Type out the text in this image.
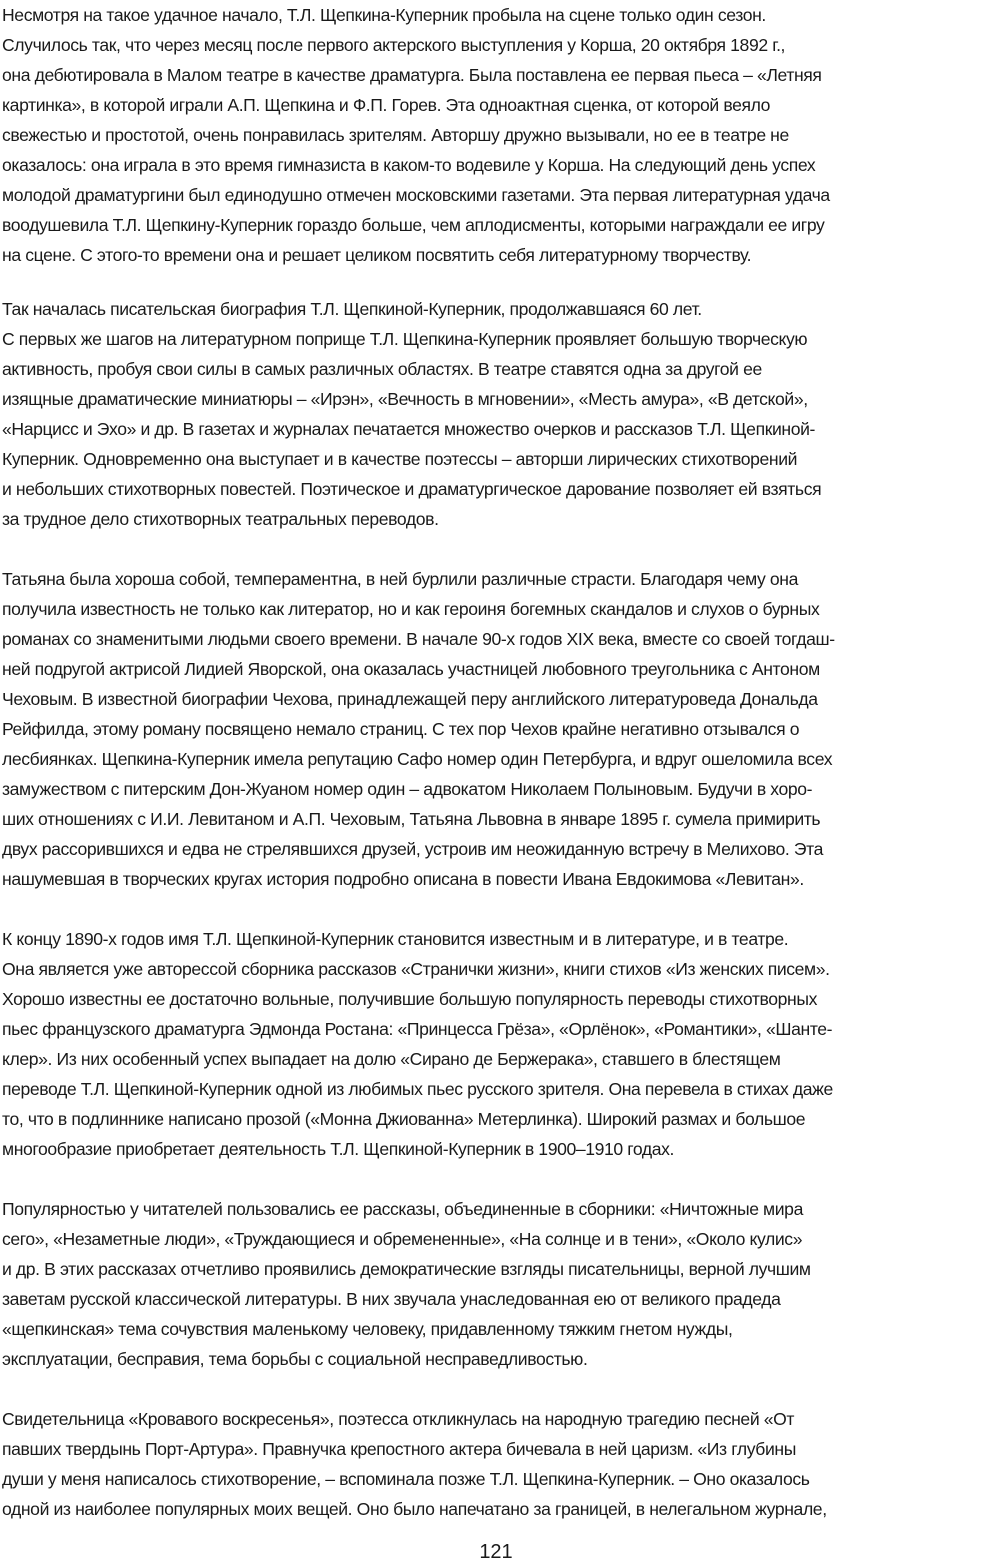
Несмотря на такое удачное начало, Т.Л. Щепкина-Куперник пробыла на сцене только один сезон.
Случилось так, что через месяц после первого актерского выступления у Корша, 20 октября 1892 г.,
она дебютировала в Малом театре в качестве драматурга. Была поставлена ее первая пьеса – «Летняя
картинка», в которой играли А.П. Щепкина и Ф.П. Горев. Эта одноактная сценка, от которой веяло
свежестью и простотой, очень понравилась зрителям. Авторшу дружно вызывали, но ее в театре не
оказалось: она играла в это время гимназиста в каком-то водевиле у Корша. На следующий день успех
молодой драматургини был единодушно отмечен московскими газетами. Эта первая литературная удача
воодушевила Т.Л. Щепкину-Куперник гораздо больше, чем аплодисменты, которыми награждали ее игру
на сцене. С этого-то времени она и решает целиком посвятить себя литературному творчеству.
Так началась писательская биография Т.Л. Щепкиной-Куперник, продолжавшаяся 60 лет.
С первых же шагов на литературном поприще Т.Л. Щепкина-Куперник проявляет большую творческую
активность, пробуя свои силы в самых различных областях. В театре ставятся одна за другой ее
изящные драматические миниатюры – «Ирэн», «Вечность в мгновении», «Месть амура», «В детской»,
«Нарцисс и Эхо» и др. В газетах и журналах печатается множество очерков и рассказов Т.Л. Щепкиной-
Куперник. Одновременно она выступает и в качестве поэтессы – авторши лирических стихотворений
и небольших стихотворных повестей. Поэтическое и драматургическое дарование позволяет ей взяться
за трудное дело стихотворных театральных переводов.
Татьяна была хороша собой, темпераментна, в ней бурлили различные страсти. Благодаря чему она
получила известность не только как литератор, но и как героиня богемных скандалов и слухов о бурных
романах со знаменитыми людьми своего времени. В начале 90-х годов XIX века, вместе со своей тогдаш-
ней подругой актрисой Лидией Яворской, она оказалась участницей любовного треугольника с Антоном
Чеховым. В известной биографии Чехова, принадлежащей перу английского литературоведа Дональда
Рейфилда, этому роману посвящено немало страниц. С тех пор Чехов крайне негативно отзывался о
лесбиянках. Щепкина-Куперник имела репутацию Сафо номер один Петербурга, и вдруг ошеломила всех
замужеством с питерским Дон-Жуаном номер один – адвокатом Николаем Полыновым. Будучи в хоро-
ших отношениях с И.И. Левитаном и А.П. Чеховым, Татьяна Львовна в январе 1895 г. сумела примирить
двух рассорившихся и едва не стрелявшихся друзей, устроив им неожиданную встречу в Мелихово. Эта
нашумевшая в творческих кругах история подробно описана в повести Ивана Евдокимова «Левитан».
К концу 1890-х годов имя Т.Л. Щепкиной-Куперник становится известным и в литературе, и в театре.
Она является уже авторессой сборника рассказов «Странички жизни», книги стихов «Из женских писем».
Хорошо известны ее достаточно вольные, получившие большую популярность переводы стихотворных
пьес французского драматурга Эдмонда Ростана: «Принцесса Грёза», «Орлёнок», «Романтики», «Шанте-
клер». Из них особенный успех выпадает на долю «Сирано де Бержерака», ставшего в блестящем
переводе Т.Л. Щепкиной-Куперник одной из любимых пьес русского зрителя. Она перевела в стихах даже
то, что в подлиннике написано прозой («Монна Джиованна» Метерлинка). Широкий размах и большое
многообразие приобретает деятельность Т.Л. Щепкиной-Куперник в 1900–1910 годах.
Популярностью у читателей пользовались ее рассказы, объединенные в сборники: «Ничтожные мира
сего», «Незаметные люди», «Труждающиеся и обремененные», «На солнце и в тени», «Около кулис»
и др. В этих рассказах отчетливо проявились демократические взгляды писательницы, верной лучшим
заветам русской классической литературы. В них звучала унаследованная ею от великого прадеда
«щепкинская» тема сочувствия маленькому человеку, придавленному тяжким гнетом нужды,
эксплуатации, бесправия, тема борьбы с социальной несправедливостью.
Свидетельница «Кровавого воскресенья», поэтесса откликнулась на народную трагедию песней «От
павших твердынь Порт-Артура». Правнучка крепостного актера бичевала в ней царизм. «Из глубины
души у меня написалось стихотворение, – вспоминала позже Т.Л. Щепкина-Куперник. – Оно оказалось
одной из наиболее популярных моих вещей. Оно было напечатано за границей, в нелегальном журнале,
121
